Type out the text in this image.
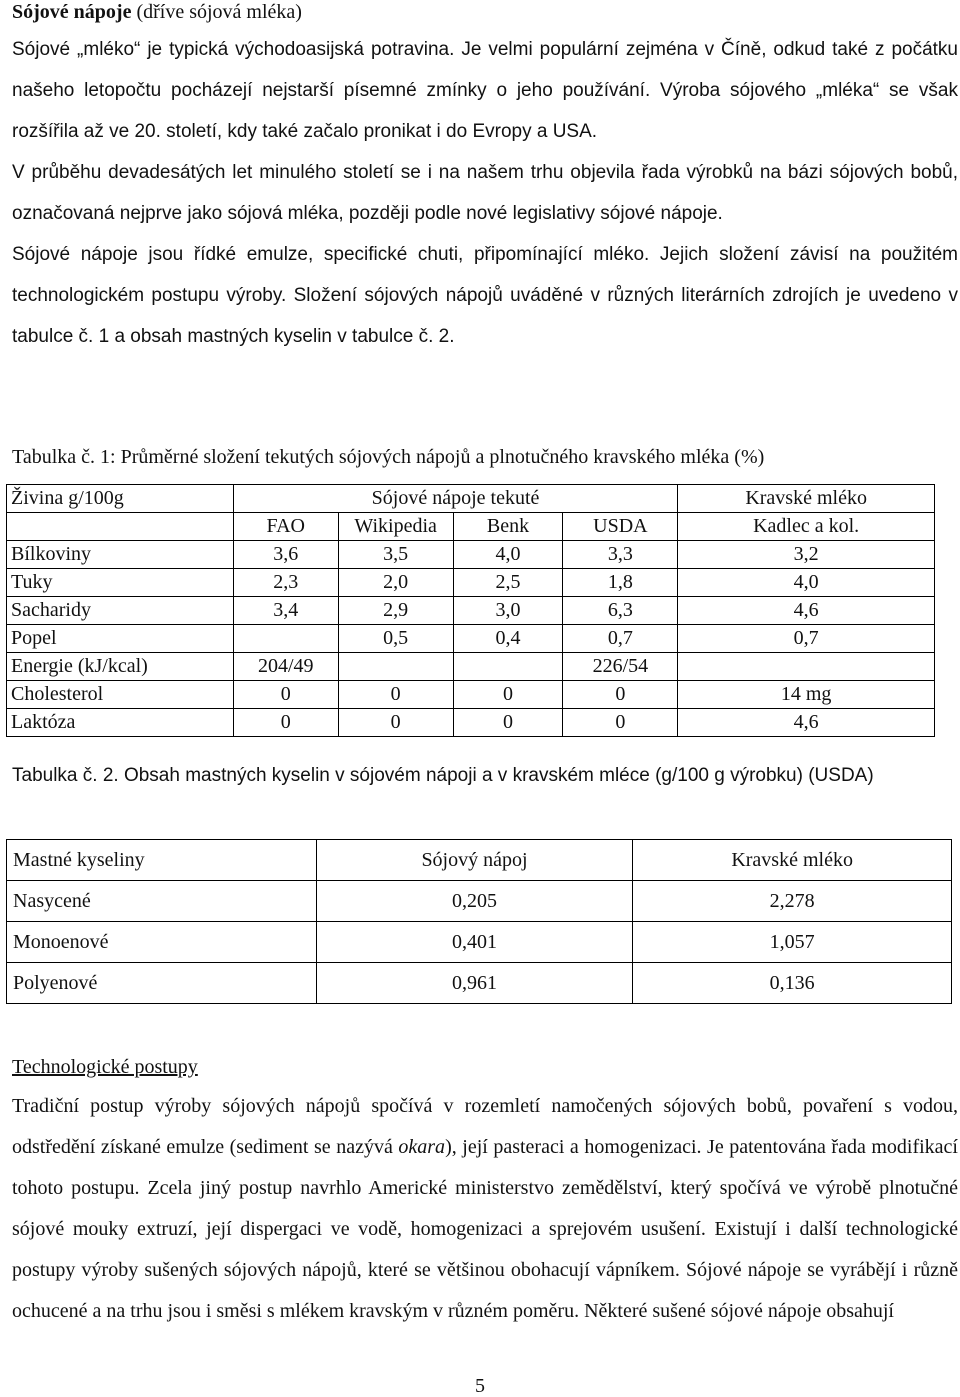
Sójové nápoje (dříve sójová mléka)

Sójové „mléko“ je typická východoasijská potravina. Je velmi populární zejména v Číně, odkud také z počátku našeho letopočtu pocházejí nejstarší písemné zmínky o jeho používání. Výroba sójového „mléka“ se však rozšířila až ve 20. století, kdy také začalo pronikat i do Evropy a USA.

V průběhu devadesátých let minulého století se i na našem trhu objevila řada výrobků na bázi sójových bobů, označovaná nejprve jako sójová mléka, později podle nové legislativy sójové nápoje.

Sójové nápoje jsou řídké emulze, specifické chuti, připomínající mléko. Jejich složení závisí na použitém technologickém postupu výroby. Složení sójových nápojů uváděné v různých literárních zdrojích je uvedeno v tabulce č. 1 a obsah mastných kyselin v tabulce č. 2.

Tabulka č. 1: Průměrné složení tekutých sójových nápojů a plnotučného kravského mléka (%)

Živina g/100g	Sójové nápoje tekuté				Kravské mléko
	FAO	Wikipedia	Benk	USDA	Kadlec a kol.
Bílkoviny	3,6	3,5	4,0	3,3	3,2
Tuky	2,3	2,0	2,5	1,8	4,0
Sacharidy	3,4	2,9	3,0	6,3	4,6
Popel		0,5	0,4	0,7	0,7
Energie (kJ/kcal)	204/49			226/54	
Cholesterol	0	0	0	0	14 mg
Laktóza	0	0	0	0	4,6

Tabulka č. 2. Obsah mastných kyselin v sójovém nápoji a v kravském mléce (g/100 g výrobku) (USDA)

Mastné kyseliny	Sójový nápoj	Kravské mléko
Nasycené	0,205	2,278
Monoenové	0,401	1,057
Polyenové	0,961	0,136

Technologické postupy

Tradiční postup výroby sójových nápojů spočívá v rozemletí namočených sójových bobů, povaření s vodou, odstředění získané emulze (sediment se nazývá okara), její pasteraci a homogenizaci. Je patentována řada modifikací tohoto postupu. Zcela jiný postup navrhlo Americké ministerstvo zemědělství, který spočívá ve výrobě plnotučné sójové mouky extruzí, její dispergaci ve vodě, homogenizaci a sprejovém usušení. Existují i další technologické postupy výroby sušených sójových nápojů, které se většinou obohacují vápníkem. Sójové nápoje se vyrábějí i různě ochucené a na trhu jsou i směsi s mlékem kravským v různém poměru. Některé sušené sójové nápoje obsahují

5
